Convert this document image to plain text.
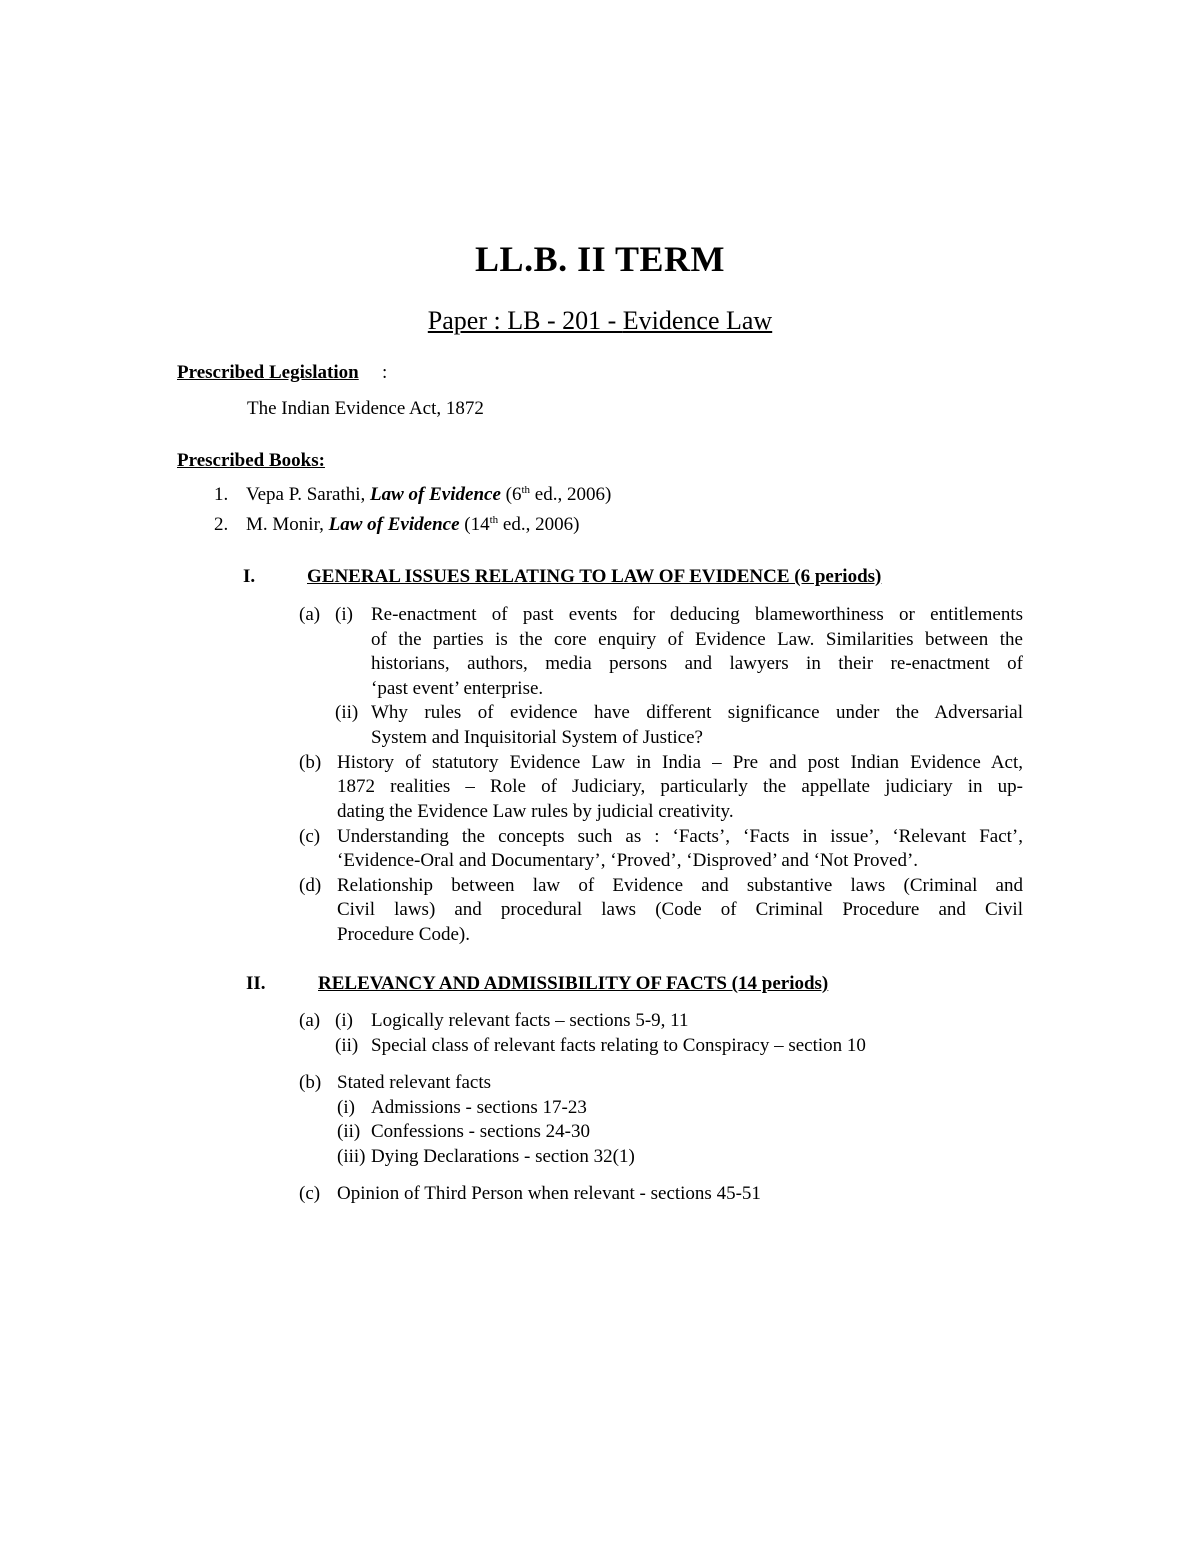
LL.B. II TERM
Paper : LB - 201 - Evidence Law
Prescribed Legislation :
The Indian Evidence Act, 1872
Prescribed Books:
1. Vepa P. Sarathi, Law of Evidence (6th ed., 2006)
2. M. Monir, Law of Evidence (14th ed., 2006)
I.	GENERAL ISSUES RELATING TO LAW OF EVIDENCE (6 periods)
(a) (i) Re-enactment of past events for deducing blameworthiness or entitlements
of the parties is the core enquiry of Evidence Law. Similarities between the
historians, authors, media persons and lawyers in their re-enactment of
‘past event’ enterprise.
(ii) Why rules of evidence have different significance under the Adversarial
System and Inquisitorial System of Justice?
(b) History of statutory Evidence Law in India – Pre and post Indian Evidence Act,
1872 realities – Role of Judiciary, particularly the appellate judiciary in up-
dating the Evidence Law rules by judicial creativity.
(c) Understanding the concepts such as : ‘Facts’, ‘Facts in issue’, ‘Relevant Fact’,
‘Evidence-Oral and Documentary’, ‘Proved’, ‘Disproved’ and ‘Not Proved’.
(d) Relationship between law of Evidence and substantive laws (Criminal and
Civil laws) and procedural laws (Code of Criminal Procedure and Civil
Procedure Code).
II.	RELEVANCY AND ADMISSIBILITY OF FACTS (14 periods)
(a) (i) Logically relevant facts – sections 5-9, 11
(ii) Special class of relevant facts relating to Conspiracy – section 10
(b) Stated relevant facts
(i) Admissions - sections 17-23
(ii) Confessions - sections 24-30
(iii) Dying Declarations - section 32(1)
(c) Opinion of Third Person when relevant - sections 45-51
